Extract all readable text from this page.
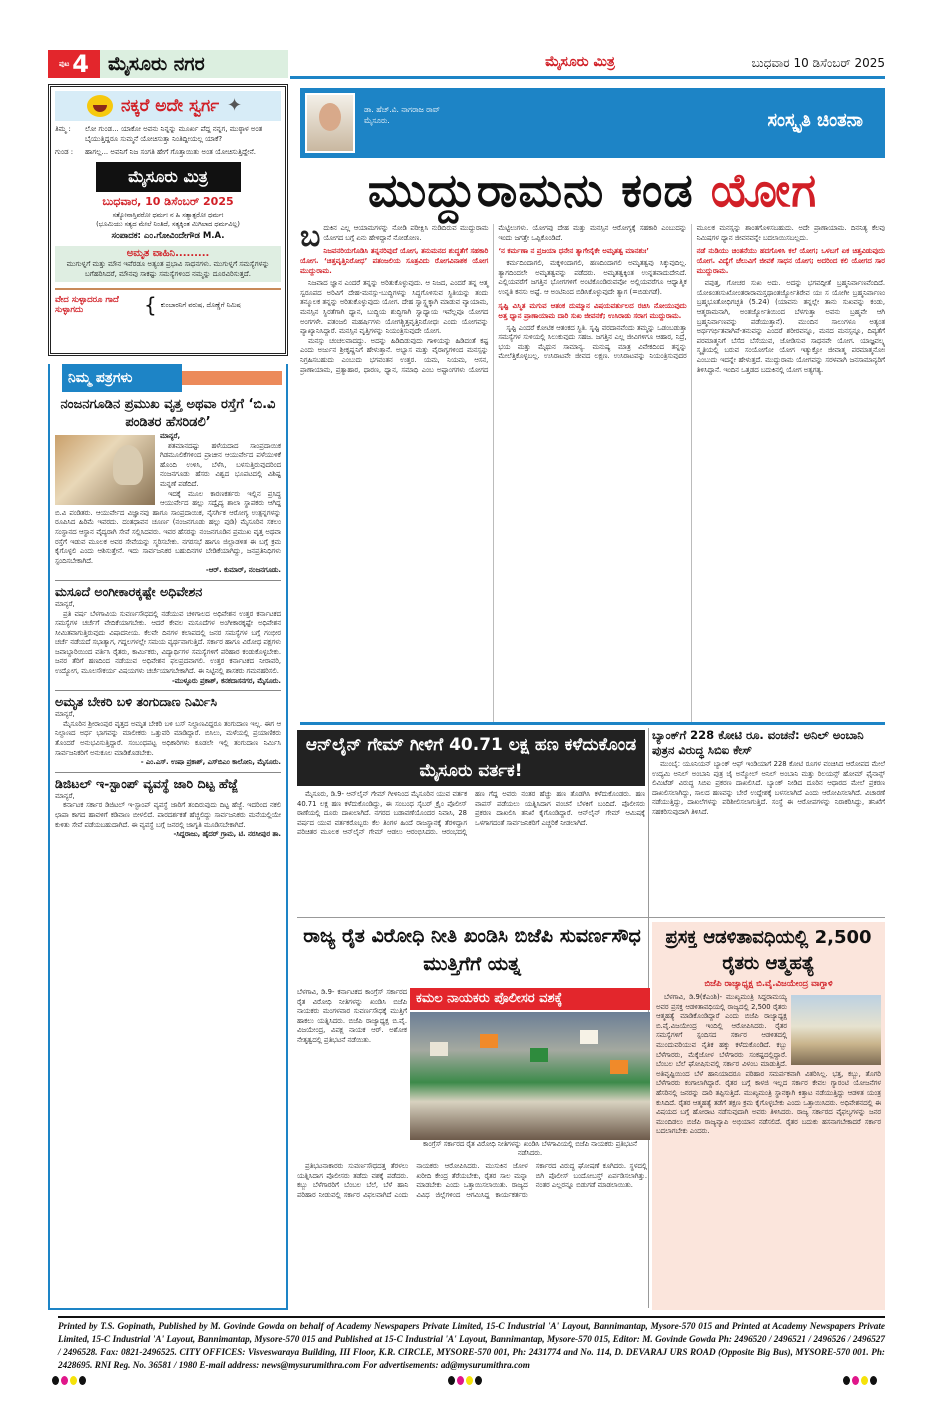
ಪುಟ 4 ಮೈಸೂರು ನಗರ	ಮೈಸೂರು ಮಿತ್ರ	ಬುಧವಾರ 10 ಡಿಸೆಂಬರ್ 2025
ನಕ್ಕರೆ ಅದೇ ಸ್ವರ್ಗ ✦
ತಿಮ್ಮ :	ಲೋ ಗುಂಡ... ಯಾಕೋ ಅವನು ನಿನ್ನನ್ನು ಮೂರ್ಖ ಪೆದ್ದ ನನ್ನಗ, ಮುಠ್ಠಾಳ ಅಂತ ಬೈಯುತ್ತಿದ್ದರೂ ಸುಮ್ಮನೆ ಯೋಚಿಸುತ್ತಾ ನಿಂತಿದ್ದೀಯಲ್ಲ ಯಾಕೆ?
ಗುಂಡ :	ಹಾಗಲ್ಲ... ಅವನಿಗೆ ನಿಜ ಸಂಗತಿ ಹೇಗೆ ಗೊತ್ತಾಯಿತು ಅಂತ ಯೋಚಿಸುತ್ತಿದ್ದೇನೆ.
ಮೈಸೂರು ಮಿತ್ರ
ಬುಧವಾರ, 10 ಡಿಸೆಂಬರ್ 2025
ಸತ್ಯೋನಾಸ್ತಿಪರೋ ಧರ್ಮಃ ನ ಹಿ ಸತ್ಯಾತ್ಪರೋ ಧರ್ಮಃ
(ಭೂಮಿಯು ಸತ್ಯದ ಮೇಲೆ ನಿಂತಿದೆ, ಸತ್ಯಕ್ಕಿಂತ ಮಿಗಿಲಾದ ಧರ್ಮವಿಲ್ಲ)
ಸಂಪಾದಕ: ಎಂ.ಗೋವಿಂದೇಗೌಡ M.A.
ಅಮೃತ ವಾಹಿನಿ.........
ಮುಗುಳ್ನಗೆ ಮತ್ತು ಮೌನ ಇವೆರಡೂ ಅತ್ಯಂತ ಪ್ರಭಾವಿ ಸಾಧನಗಳು. ಮುಗುಳ್ನಗೆ ಸಮಸ್ಯೆಗಳನ್ನು ಬಗೆಹರಿಸಿದರೆ, ಮೌನವು ಸಾಕಷ್ಟು ಸಮಸ್ಯೆಗಳಿಂದ ನಮ್ಮನ್ನು ದೂರವಿರಿಸುತ್ತದೆ.
ವೇದ ಸುಳ್ಳಾದರೂ ಗಾದೆ ಸುಳ್ಳಾಗದು	{ ಕುಂಬಾರನಿಗೆ ವರುಷ, ದೊಣ್ಣೆಗೆ ನಿಮಿಷ
ನಂಜನಗೂಡಿನ ಪ್ರಮುಖ ವೃತ್ತ ಅಥವಾ ರಸ್ತೆಗೆ ‘ಬಿ.ವಿ ಪಂಡಿತರ ಹೆಸರಿಡಲಿ’
ಮಾನ್ಯರೆ,

ಶತಮಾನದಷ್ಟು ಹಳೆಯದಾದ ಸಾಂಪ್ರದಾಯಿಕ ಗಿಡಮೂಲಿಕೆಗಳಿಂದ ಪ್ರಾಚೀನ ಆಯುರ್ವೇದ ಪಳೆಯುಳಿಕೆ ಹೊಂದಿ ಉಳಿಸಿ, ಬೆಳೆಸಿ, ಬಳಸುತ್ತಿರುವುದರಿಂದ ನಂಜನಗೂಡು ಹೆಸರು ವಿಶ್ವದ ಭೂಪಟದಲ್ಲಿ ವಿಶಿಷ್ಟ ಮನ್ನಣೆ ಪಡೆದಿದೆ.

ಇದಕ್ಕೆ ಮೂಲ ಕಾರಣಕರ್ತರು ಇಲ್ಲಿನ ಪ್ರಸಿದ್ಧ ಆಯುರ್ವೇದ ಹಲ್ಲು ಸದ್ವೈದ್ಯ ಶಾಲಾ ಸ್ಥಾಪಕರು ಆಗಿದ್ದ ಬಿ.ವಿ ಪಂಡಿತರು. ಆಯುರ್ವೇದ ವಿಜ್ಞಾನವು ಹಾಗೂ ಸಾಂಪ್ರದಾಯಿಕ, ನೈಸರ್ಗಿಕ ಆರೋಗ್ಯ ಉತ್ಪನ್ನಗಳನ್ನು ರೂಪಿಸಿದ ಹಿರಿಮೆ ಇವರದು. ದಂತಧಾವನ ಚೂರ್ಣ (ನಂಜನಗೂಡು ಹಲ್ಲು ಪುಡಿ) ಮೈಸೂರಿನ ಸಕಲಂ ಸಂಸ್ಥಾನದ ಆಸ್ಥಾನ ವೈದ್ಯರಾಗಿ ಸೇವೆ ಸಲ್ಲಿಸಿದವರು. ಇವರ ಹೆಸರನ್ನು ನಂಜನಗೂಡಿನ ಪ್ರಮುಖ ವೃತ್ತ ಅಥವಾ ರಸ್ತೆಗೆ ಇಡುವ ಮೂಲಕ ಅವರ ಸೇವೆಯನ್ನು ಸ್ಮರಿಸಬೇಕು. ನಗರಸಭೆ ಹಾಗೂ ಜಿಲ್ಲಾಡಳಿತ ಈ ಬಗ್ಗೆ ಕ್ರಮ ಕೈಗೊಳ್ಳಲಿ ಎಂದು ಆಶಿಸುತ್ತೇನೆ. ಇದು ಸಾರ್ವಜನಿಕರ ಬಹುದಿನಗಳ ಬೇಡಿಕೆಯಾಗಿದ್ದು, ಜನಪ್ರತಿನಿಧಿಗಳು ಸ್ಪಂದಿಸಬೇಕಾಗಿದೆ.

-ಆರ್. ಕುಮಾರ್, ನಂಜನಗೂಡು.
ಮಸೂದೆ ಅಂಗೀಕಾರಕ್ಕಷ್ಟೇ ಅಧಿವೇಶನ
ಮಾನ್ಯರೆ,

ಪ್ರತಿ ವರ್ಷ ಬೆಳಗಾವಿಯ ಸುವರ್ಣಸೌಧದಲ್ಲಿ ನಡೆಯುವ ಚಳಿಗಾಲದ ಅಧಿವೇಶನ ಉತ್ತರ ಕರ್ನಾಟಕದ ಸಮಸ್ಯೆಗಳ ಚರ್ಚೆಗೆ ವೇದಿಕೆಯಾಗಬೇಕು. ಆದರೆ ಕೇವಲ ಮಸೂದೆಗಳ ಅಂಗೀಕಾರಕ್ಕಷ್ಟೇ ಅಧಿವೇಶನ ಸೀಮಿತವಾಗುತ್ತಿರುವುದು ವಿಷಾದನೀಯ. ಕೆಲವೇ ದಿನಗಳ ಕಲಾಪದಲ್ಲಿ ಜನರ ಸಮಸ್ಯೆಗಳ ಬಗ್ಗೆ ಗಂಭೀರ ಚರ್ಚೆ ನಡೆಯದೆ ಸಭಾತ್ಯಾಗ, ಗದ್ದಲಗಳಲ್ಲೇ ಸಮಯ ವ್ಯರ್ಥವಾಗುತ್ತಿದೆ. ಸರ್ಕಾರ ಹಾಗೂ ವಿರೋಧ ಪಕ್ಷಗಳು ಜವಾಬ್ದಾರಿಯಿಂದ ವರ್ತಿಸಿ ರೈತರು, ಕಾರ್ಮಿಕರು, ವಿದ್ಯಾರ್ಥಿಗಳ ಸಮಸ್ಯೆಗಳಿಗೆ ಪರಿಹಾರ ಕಂಡುಕೊಳ್ಳಬೇಕು. ಜನರ ತೆರಿಗೆ ಹಣದಿಂದ ನಡೆಯುವ ಅಧಿವೇಶನ ಫಲಪ್ರದವಾಗಲಿ. ಉತ್ತರ ಕರ್ನಾಟಕದ ನೀರಾವರಿ, ಉದ್ಯೋಗ, ಮೂಲಸೌಕರ್ಯ ವಿಷಯಗಳು ಚರ್ಚೆಯಾಗಬೇಕಾಗಿದೆ. ಈ ನಿಟ್ಟಿನಲ್ಲಿ ಶಾಸಕರು ಗಮನಹರಿಸಲಿ.

-ಮುಳ್ಳೂರು ಪ್ರಕಾಶ್, ಕನಕದಾಸನಗರ, ಮೈಸೂರು.
ಅಮೃತ ಬೇಕರಿ ಬಳಿ ತಂಗುದಾಣ ನಿರ್ಮಿಸಿ
ಮಾನ್ಯರೆ,

ಮೈಸೂರಿನ ಶ್ರೀರಾಂಪುರ ವೃತ್ತದ ಅಮೃತ ಬೇಕರಿ ಬಳಿ ಬಸ್ ನಿಲ್ದಾಣವಿದ್ದರೂ ತಂಗುದಾಣ ಇಲ್ಲ. ಈಗ ಆ ನಿಲ್ದಾಣದ ಅರ್ಧ ಭಾಗವನ್ನು ಮಾಲೀಕರು ಒತ್ತುವರಿ ಮಾಡಿದ್ದಾರೆ. ಬಿಸಿಲು, ಮಳೆಯಲ್ಲಿ ಪ್ರಯಾಣಿಕರು ತೊಂದರೆ ಅನುಭವಿಸುತ್ತಿದ್ದಾರೆ. ಸಂಬಂಧಪಟ್ಟ ಅಧಿಕಾರಿಗಳು ಕೂಡಲೇ ಇಲ್ಲಿ ತಂಗುದಾಣ ನಿರ್ಮಿಸಿ ಸಾರ್ವಜನಿಕರಿಗೆ ಅನುಕೂಲ ಮಾಡಿಕೊಡಬೇಕು.

- ಎಂ.ಎಸ್. ಉಷಾ ಪ್ರಕಾಶ್, ಎಸ್‌ಬಿಎಂ ಕಾಲೋನಿ, ಮೈಸೂರು.
ಡಿಜಿಟಲ್ ಇ-ಸ್ಟಾಂಪ್ ವ್ಯವಸ್ಥೆ ಜಾರಿ ದಿಟ್ಟ ಹೆಜ್ಜೆ
ಮಾನ್ಯರೆ,

ಕರ್ನಾಟಕ ಸರ್ಕಾರ ಡಿಜಿಟಲ್ ಇ-ಸ್ಟಾಂಪ್ ವ್ಯವಸ್ಥೆ ಜಾರಿಗೆ ತಂದಿರುವುದು ದಿಟ್ಟ ಹೆಜ್ಜೆ. ಇದರಿಂದ ನಕಲಿ ಛಾಪಾ ಕಾಗದ ಹಾವಳಿಗೆ ಕಡಿವಾಣ ಬೀಳಲಿದೆ. ಪಾರದರ್ಶಕತೆ ಹೆಚ್ಚಲಿದ್ದು ಸಾರ್ವಜನಿಕರು ಮನೆಯಲ್ಲಿಯೇ ಕುಳಿತು ಸೇವೆ ಪಡೆಯಬಹುದಾಗಿದೆ. ಈ ವ್ಯವಸ್ಥೆ ಬಗ್ಗೆ ಜನರಲ್ಲಿ ಜಾಗೃತಿ ಮೂಡಿಸಬೇಕಾಗಿದೆ.

-ಸಿದ್ದರಾಜು, ಹೈದರ್ ಗ್ರಾಮ, ಟಿ. ನರಸೀಪುರ ತಾ.
ನಿಮ್ಮ ಪತ್ರಗಳು
ಡಾ. ಹೆಚ್.ವಿ. ನಾಗರಾಜ ರಾವ್
ಮೈಸೂರು.	ಸಂಸ್ಕೃತಿ ಚಿಂತನಾ
ಮುದ್ದುರಾಮನು ಕಂಡ ಯೋಗ
ಬದುಕಿನ ಎಲ್ಲ ಆಯಾಮಗಳನ್ನು ನೋಡಿ ಪರೀಕ್ಷಿಸಿ ನುಡಿದಿರುವ ಮುದ್ದುರಾಮ ಯೋಗದ ಬಗ್ಗೆ ಏನು ಹೇಳಿದ್ದಾನೆ ನೋಡೋಣ.
ನಿಜವನರಿಯಗೊಡಿಸಿ ತನ್ನನರಿವುದೆ ಯೋಗ, ತನುಮನದ ಶುದ್ಧತೆಗೆ ಸಹಕಾರಿ ಯೋಗ. ‘ಚಿತ್ತವೃತ್ತಿನಿರೋಧ’ ಪತಂಜಲಿಯ ಸೂತ್ರವಿದು ರೋಗವಿನಾಶಕ ಯೋಗ ಮುದ್ದುರಾಮ.

ನಿಜವಾದ ಜ್ಞಾನ ಎಂದರೆ ತನ್ನನ್ನು ಅರಿತುಕೊಳ್ಳುವುದು. ಆ ನಿಜದ, ಎಂದರೆ ತನ್ನ ಆತ್ಮ ಸ್ವರೂಪದ ಅರಿವಿಗೆ ದೇಹ-ಮನಸ್ಸು-ಬುದ್ಧಿಗಳನ್ನು ಸಿದ್ಧಗೊಳಿಸುವ ಸ್ಥಿತಿಯನ್ನು ತಂದು ತನ್ಮೂಲಕ ತನ್ನನ್ನು ಅರಿತುಕೊಳ್ಳುವುದು ಯೋಗ. ದೇಹ ಸ್ವಾಸ್ಥ್ಯಕ್ಕಾಗಿ ಮಾಡುವ ವ್ಯಾಯಾಮ, ಮನಸ್ಸಿನ ಸ್ಥಿರತೆಗಾಗಿ ಧ್ಯಾನ, ಬುದ್ಧಿಯ ಶುದ್ಧಿಗಾಗಿ ಸ್ವಾಧ್ಯಾಯ ಇವೆಲ್ಲವೂ ಯೋಗದ ಅಂಗಗಳೇ. ಪತಂಜಲಿ ಮಹರ್ಷಿಗಳು ಯೋಗಶ್ಚಿತ್ತವೃತ್ತಿನಿರೋಧಃ ಎಂದು ಯೋಗವನ್ನು ವ್ಯಾಖ್ಯಾನಿಸಿದ್ದಾರೆ. ಮನಸ್ಸಿನ ವೃತ್ತಿಗಳನ್ನು ನಿಯಂತ್ರಿಸುವುದೇ ಯೋಗ.

ಮನಸ್ಸು ಚಂಚಲವಾದದ್ದು. ಅದನ್ನು ಹಿಡಿದಿಡುವುದು ಗಾಳಿಯನ್ನು ಹಿಡಿದಂತೆ ಕಷ್ಟ ಎಂದು ಅರ್ಜುನ ಶ್ರೀಕೃಷ್ಣನಿಗೆ ಹೇಳುತ್ತಾನೆ. ಅಭ್ಯಾಸ ಮತ್ತು ವೈರಾಗ್ಯಗಳಿಂದ ಮನಸ್ಸನ್ನು ನಿಗ್ರಹಿಸಬಹುದು ಎಂಬುದು ಭಗವಂತನ ಉತ್ತರ. ಯಮ, ನಿಯಮ, ಆಸನ, ಪ್ರಾಣಾಯಾಮ, ಪ್ರತ್ಯಾಹಾರ, ಧಾರಣ, ಧ್ಯಾನ, ಸಮಾಧಿ ಎಂಬ ಅಷ್ಟಾಂಗಗಳು ಯೋಗದ ಮೆಟ್ಟಿಲುಗಳು. ಯೋಗವು ದೇಹ ಮತ್ತು ಮನಸ್ಸಿನ ಆರೋಗ್ಯಕ್ಕೆ ಸಹಕಾರಿ ಎಂಬುದನ್ನು ಇಂದು ಜಗತ್ತೇ ಒಪ್ಪಿಕೊಂಡಿದೆ.

‘ನ ಕರ್ಮಣಾ ನ ಪ್ರಜಯಾ ಧನೇನ ತ್ಯಾಗೇನೈಕೇ ಅಮೃತತ್ವ ಮಾನಶುಃ’

ಕರ್ಮದಿಂದಾಗಲಿ, ಮಕ್ಕಳಿಂದಾಗಲಿ, ಹಣದಿಂದಾಗಲಿ ಅಮೃತತ್ವವು ಸಿಕ್ಕುವುದಿಲ್ಲ. ತ್ಯಾಗದಿಂದಲೇ ಅಮೃತತ್ವವನ್ನು ಪಡೆದರು. ಅಮೃತತ್ವಕ್ಕಿಂತ ಉನ್ನತವಾದುದೇನಿದೆ. ಎಲ್ಲಿಯವರೆಗೆ ಜಗತ್ತಿನ ಭೋಗಗಳಿಗೆ ಅಂಟಿಕೊಂಡಿರುವವೋ ಅಲ್ಲಿಯವರೆಗೂ ಆಧ್ಯಾತ್ಮಿಕ ಉನ್ನತಿ ಕನಸು ಅಷ್ಟೆ. ಆ ಅಂಟಿನಿಂದ ಬಿಡಿಸಿಕೊಳ್ಳುವುದೇ ತ್ಯಾಗ (=ಬಿಡುಗಡೆ).

ಸೃಷ್ಟಿ ವಿಸ್ಮಿತ ಮಗುವ ಆತಂಕ ದುಮ್ಮಾನ ವಿಷಯವರ್ತುಲದ ರಚಿಸಿ ನೋಯುವುದು ಅತ್ತ ಧ್ಯಾನ ಪ್ರಾಣಾಯಾಮ ದಾರಿ ಸುಖ ಜೀವನಕೆ; ಉಸಿರಾಡು ಸರಾಗ ಮುದ್ದುರಾಮ.

ಸೃಷ್ಟಿ ಎಂದರೆ ಕೋಟಿಕ ಆತಂಕದ ಸ್ಥಿತಿ. ಸೃಷ್ಟಿ ವರದಾನವೆಂದು ತಮ್ಮನ್ನು ಒಡಂಬಡುತ್ತಾ ಸಮಸ್ಯೆಗಳ ಸುಳಿಯಲ್ಲಿ ಸಿಲುಕುವುದು ಸಹಜ. ಜಗತ್ತಿನ ಎಲ್ಲ ಜೀವಿಗಳಿಗೂ ಆಹಾರ, ನಿದ್ರೆ, ಭಯ ಮತ್ತು ಮೈಥುನ ಸಾಮಾನ್ಯ. ಮನುಷ್ಯ ಮಾತ್ರ ವಿವೇಕದಿಂದ ತನ್ನನ್ನು ಮೇಲೆತ್ತಿಕೊಳ್ಳಬಲ್ಲ. ಉಸಿರಾಟವೇ ಜೀವದ ಲಕ್ಷಣ. ಉಸಿರಾಟವನ್ನು ನಿಯಂತ್ರಿಸುವುದರ ಮೂಲಕ ಮನಸ್ಸನ್ನು ಶಾಂತಗೊಳಿಸಬಹುದು. ಅದೇ ಪ್ರಾಣಾಯಾಮ. ದಿನನಿತ್ಯ ಕೆಲವು ನಿಮಿಷಗಳ ಧ್ಯಾನ ಜೀವನವನ್ನೇ ಬದಲಾಯಿಸಬಲ್ಲದು.

ನಡೆ ನುಡಿಯು ಚಿಂತನೆಯು ಹದಗೊಳಿಸಿ ಕಲೆ ಯೋಗ; ಒಳಬಗೆ ಏಕ ಚಿತ್ತವಿಡುವುದು ಯೋಗ. ವಿದ್ಯೆಗೆ ಚೆಲುವಿಗೆ ಜೀವಕೆ ಸಾಧನ ಯೋಗ; ಅದರಿಂದ ಕಲಿ ಯೋಗದ ಸಾರ ಮುದ್ದುರಾಮ.

ವಪುತ್ತ, ಗೋಚರ ಸುಖ ಅದು. ಅದನ್ನು ಭಗವದ್ಗೀತೆ ಬ್ರಹ್ಮನಿರ್ವಾಣವೆಂದಿದೆ. ಯೋಽಂತಃಸುಖೋಂತರಾರಾಮಸ್ತಥಾಂತರ್ಜ್ಯೋತಿರೇವ ಯಃ ಸ ಯೋಗೀ ಬ್ರಹ್ಮನಿರ್ವಾಣಂ ಬ್ರಹ್ಮಭೂತೋಧಿಗಚ್ಛತಿ (5.24) (ಯಾವನು ತನ್ನಲ್ಲೇ ತಾನು ಸುಖವನ್ನು ಕಂಡು, ಆತ್ಮರಾಮನಾಗಿ, ಅಂತರ್ಜ್ಯೋತಿಯಿಂದ ಬೆಳಗುತ್ತಾ ಅವನು ಬ್ರಹ್ಮವೇ ಆಗಿ ಬ್ರಹ್ಮನಿರ್ವಾಣವನ್ನು ಪಡೆಯುತ್ತಾನೆ). ಮುಂದಿನ ಸಾಲುಗಳೂ ಅತ್ಯಂತ ಅರ್ಥಗರ್ಭಿತವಾಗಿವೆ-ತನುವನ್ನು ಎಂದರೆ ಶರೀರವನ್ನೂ, ಮನದ ಮನಸ್ಸನ್ನೂ, ದಿವ್ಯತೆಗೆ ಪರಮಾತ್ಮನಿಗೆ ಬೆಸೆದ ಬೆಸೆಯುವ, ಜೋಡಿಸುವ ಸಾಧನವೇ ಯೋಗ. ಯಾಜ್ಞವಲ್ಕ್ಯ ಸ್ಮೃತಿಯಲ್ಲಿ ಬರುವ ಸಂಯೋಗೋ ಯೋಗ ಇತ್ಯುಕ್ತೋ ಜೀವಾತ್ಮ ಪರಮಾತ್ಮನೋಃ ಎಂಬುದು ಇದನ್ನೇ ಹೇಳುತ್ತದೆ. ಮುದ್ದುರಾಮ ಯೋಗವನ್ನು ಸರಳವಾಗಿ ಜನಸಾಮಾನ್ಯರಿಗೆ ತಿಳಿಸಿದ್ದಾನೆ. ಇಂದಿನ ಒತ್ತಡದ ಬದುಕಿನಲ್ಲಿ ಯೋಗ ಅತ್ಯಗತ್ಯ.

ಆನ್‌ಲೈನ್ ಗೇಮ್ ಗೀಳಿಗೆ 40.71 ಲಕ್ಷ ಹಣ ಕಳೆದುಕೊಂಡ ಮೈಸೂರು ವರ್ತಕ!

ಮೈಸೂರು, ಡಿ.9- ಆನ್‌ಲೈನ್ ಗೇಮ್ ಗೀಳಿನಿಂದ ಮೈಸೂರಿನ ಯುವ ವರ್ತಕ 40.71 ಲಕ್ಷ ಹಣ ಕಳೆದುಕೊಂಡಿದ್ದು, ಈ ಸಂಬಂಧ ಸೈಬರ್ ಕ್ರೈಂ ಪೊಲೀಸ್ ಠಾಣೆಯಲ್ಲಿ ದೂರು ದಾಖಲಾಗಿದೆ. ನಗರದ ಬಡಾವಣೆಯೊಂದರ ನಿವಾಸಿ, 28 ವರ್ಷದ ಯುವ ವರ್ತಕರೊಬ್ಬರು ಕೆಲ ತಿಂಗಳ ಹಿಂದೆ ರಾಜಸ್ಥಾನಕ್ಕೆ ತೆರಳಿದ್ದಾಗ ಪರಿಚಿತರ ಮೂಲಕ ಆನ್‌ಲೈನ್ ಗೇಮ್ ಆಡಲು ಆರಂಭಿಸಿದರು. ಆರಂಭದಲ್ಲಿ ಹಣ ಗೆದ್ದ ಅವರು ನಂತರ ಹೆಚ್ಚು ಹಣ ತೊಡಗಿಸಿ ಕಳೆದುಕೊಂಡರು. ಹಣ ವಾಪಸ್ ಪಡೆಯಲು ಯತ್ನಿಸಿದಾಗ ವಂಚನೆ ಬೆಳಕಿಗೆ ಬಂದಿದೆ. ಪೊಲೀಸರು ಪ್ರಕರಣ ದಾಖಲಿಸಿ ತನಿಖೆ ಕೈಗೊಂಡಿದ್ದಾರೆ. ಆನ್‌ಲೈನ್ ಗೇಮ್ ಆಮಿಷಕ್ಕೆ ಒಳಗಾಗದಂತೆ ಸಾರ್ವಜನಿಕರಿಗೆ ಎಚ್ಚರಿಕೆ ನೀಡಲಾಗಿದೆ.

ಬ್ಯಾಂಕ್‌ಗೆ 228 ಕೋಟಿ ರೂ. ವಂಚನೆ: ಅನಿಲ್ ಅಂಬಾನಿ ಪುತ್ರನ ವಿರುದ್ಧ ಸಿಬಿಐ ಕೇಸ್

ಮುಂಬೈ: ಯೂನಿಯನ್ ಬ್ಯಾಂಕ್ ಆಫ್ ಇಂಡಿಯಾಗೆ 228 ಕೋಟಿ ರೂಗಳ ವಂಚಿಸಿದ ಆರೋಪದ ಮೇಲೆ ಉದ್ಯಮಿ ಅನಿಲ್ ಅಂಬಾನಿ ಪುತ್ರ ಜೈ ಅನ್ಮೋಲ್ ಅನಿಲ್ ಅಂಬಾನಿ ಮತ್ತು ರಿಲಯನ್ಸ್ ಹೋಮ್ ಫೈನಾನ್ಸ್ ಲಿಮಿಟೆಡ್ ವಿರುದ್ಧ ಸಿಬಿಐ ಪ್ರಕರಣ ದಾಖಲಿಸಿದೆ. ಬ್ಯಾಂಕ್ ನೀಡಿದ ದೂರಿನ ಆಧಾರದ ಮೇಲೆ ಪ್ರಕರಣ ದಾಖಲಿಸಲಾಗಿದ್ದು, ಸಾಲದ ಹಣವನ್ನು ಬೇರೆ ಉದ್ದೇಶಕ್ಕೆ ಬಳಸಲಾಗಿದೆ ಎಂದು ಆರೋಪಿಸಲಾಗಿದೆ. ವಿಚಾರಣೆ ನಡೆಯುತ್ತಿದ್ದು, ದಾಖಲೆಗಳನ್ನು ಪರಿಶೀಲಿಸಲಾಗುತ್ತಿದೆ. ಸಂಸ್ಥೆ ಈ ಆರೋಪಗಳನ್ನು ನಿರಾಕರಿಸಿದ್ದು, ತನಿಖೆಗೆ ಸಹಕರಿಸುವುದಾಗಿ ತಿಳಿಸಿದೆ.

ರಾಜ್ಯ ರೈತ ವಿರೋಧಿ ನೀತಿ ಖಂಡಿಸಿ ಬಿಜೆಪಿ ಸುವರ್ಣಸೌಧ ಮುತ್ತಿಗೆಗೆ ಯತ್ನ
ಬೆಳಗಾವಿ, ಡಿ.9- ಕರ್ನಾಟಕದ ಕಾಂಗ್ರೆಸ್ ಸರ್ಕಾರದ ರೈತ ವಿರೋಧಿ ನೀತಿಗಳನ್ನು ಖಂಡಿಸಿ ಬಿಜೆಪಿ ನಾಯಕರು ಮಂಗಳವಾರ ಸುವರ್ಣಸೌಧಕ್ಕೆ ಮುತ್ತಿಗೆ ಹಾಕಲು ಯತ್ನಿಸಿದರು. ಬಿಜೆಪಿ ರಾಜ್ಯಾಧ್ಯಕ್ಷ ಬಿ.ವೈ. ವಿಜಯೇಂದ್ರ, ವಿಪಕ್ಷ ನಾಯಕ ಆರ್. ಅಶೋಕ ನೇತೃತ್ವದಲ್ಲಿ ಪ್ರತಿಭಟನೆ ನಡೆಯಿತು.
ಕಮಲ ನಾಯಕರು ಪೊಲೀಸರ ವಶಕ್ಕೆ
ಕಾಂಗ್ರೆಸ್ ಸರ್ಕಾರದ ರೈತ ವಿರೋಧಿ ನೀತಿಗಳನ್ನು ಖಂಡಿಸಿ ಬೆಳಗಾವಿಯಲ್ಲಿ ಬಿಜೆಪಿ ನಾಯಕರು ಪ್ರತಿಭಟನೆ ನಡೆಸಿದರು.

ಪ್ರತಿಭಟನಾಕಾರರು ಸುವರ್ಣಸೌಧದತ್ತ ತೆರಳಲು ಯತ್ನಿಸಿದಾಗ ಪೊಲೀಸರು ತಡೆದು ವಶಕ್ಕೆ ಪಡೆದರು. ಕಬ್ಬು ಬೆಳೆಗಾರರಿಗೆ ಬೆಂಬಲ ಬೆಲೆ, ಬೆಳೆ ಹಾನಿ ಪರಿಹಾರ ನೀಡುವಲ್ಲಿ ಸರ್ಕಾರ ವಿಫಲವಾಗಿದೆ ಎಂದು ನಾಯಕರು ಆರೋಪಿಸಿದರು. ಮುಸುಕಿನ ಜೋಳ ಖರೀದಿ ಕೇಂದ್ರ ತೆರೆಯಬೇಕು, ರೈತರ ಸಾಲ ಮನ್ನಾ ಮಾಡಬೇಕು ಎಂದು ಒತ್ತಾಯಿಸಲಾಯಿತು. ರಾಜ್ಯದ ವಿವಿಧ ಜಿಲ್ಲೆಗಳಿಂದ ಆಗಮಿಸಿದ್ದ ಕಾರ್ಯಕರ್ತರು ಸರ್ಕಾರದ ವಿರುದ್ಧ ಘೋಷಣೆ ಕೂಗಿದರು. ಸ್ಥಳದಲ್ಲಿ ಬಿಗಿ ಪೊಲೀಸ್ ಬಂದೋಬಸ್ತ್ ಏರ್ಪಡಿಸಲಾಗಿತ್ತು. ನಂತರ ಎಲ್ಲರನ್ನೂ ಬಿಡುಗಡೆ ಮಾಡಲಾಯಿತು.

ಪ್ರಸಕ್ತ ಆಡಳಿತಾವಧಿಯಲ್ಲಿ 2,500 ರೈತರು ಆತ್ಮಹತ್ಯೆ
ಬಿಜೆಪಿ ರಾಜ್ಯಾಧ್ಯಕ್ಷ ಬಿ.ವೈ.ವಿಜಯೇಂದ್ರ ವಾಗ್ದಾಳಿ

ಬೆಳಗಾವಿ, ಡಿ.9(ಕೆಎಂಶಿ)- ಮುಖ್ಯಮಂತ್ರಿ ಸಿದ್ದರಾಮಯ್ಯ ಅವರ ಪ್ರಸಕ್ತ ಆಡಳಿತಾವಧಿಯಲ್ಲಿ ರಾಜ್ಯದಲ್ಲಿ 2,500 ರೈತರು ಆತ್ಮಹತ್ಯೆ ಮಾಡಿಕೊಂಡಿದ್ದಾರೆ ಎಂದು ಬಿಜೆಪಿ ರಾಜ್ಯಾಧ್ಯಕ್ಷ ಬಿ.ವೈ.ವಿಜಯೇಂದ್ರ ಇಂದಿಲ್ಲಿ ಆರೋಪಿಸಿದರು. ರೈತರ ಸಮಸ್ಯೆಗಳಿಗೆ ಸ್ಪಂದಿಸದ ಸರ್ಕಾರ ಆಡಳಿತದಲ್ಲಿ ಮುಂದುವರಿಯುವ ನೈತಿಕ ಹಕ್ಕು ಕಳೆದುಕೊಂಡಿದೆ. ಕಬ್ಬು ಬೆಳೆಗಾರರು, ಮೆಕ್ಕೆಜೋಳ ಬೆಳೆಗಾರರು ಸಂಕಷ್ಟದಲ್ಲಿದ್ದಾರೆ. ಬೆಂಬಲ ಬೆಲೆ ಘೋಷಿಸುವಲ್ಲಿ ಸರ್ಕಾರ ವಿಳಂಬ ಮಾಡುತ್ತಿದೆ. ಅತಿವೃಷ್ಟಿಯಿಂದ ಬೆಳೆ ಹಾನಿಯಾದರೂ ಪರಿಹಾರ ಸಮರ್ಪಕವಾಗಿ ವಿತರಿಸಿಲ್ಲ. ಭತ್ತ, ಕಬ್ಬು, ತೊಗರಿ ಬೆಳೆಗಾರರು ಕಂಗಾಲಾಗಿದ್ದಾರೆ. ರೈತರ ಬಗ್ಗೆ ಕಾಳಜಿ ಇಲ್ಲದ ಸರ್ಕಾರ ಕೇವಲ ಗ್ಯಾರಂಟಿ ಯೋಜನೆಗಳ ಹೆಸರಿನಲ್ಲಿ ಜನರನ್ನು ದಾರಿ ತಪ್ಪಿಸುತ್ತಿದೆ. ಮುಖ್ಯಮಂತ್ರಿ ಸ್ಥಾನಕ್ಕಾಗಿ ಕಿತ್ತಾಟ ನಡೆಯುತ್ತಿದ್ದು ಆಡಳಿತ ಯಂತ್ರ ಕುಸಿದಿದೆ. ರೈತರ ಆತ್ಮಹತ್ಯೆ ತಡೆಗೆ ತಕ್ಷಣ ಕ್ರಮ ಕೈಗೊಳ್ಳಬೇಕು ಎಂದು ಒತ್ತಾಯಿಸಿದರು. ಅಧಿವೇಶನದಲ್ಲಿ ಈ ವಿಷಯದ ಬಗ್ಗೆ ಹೋರಾಟ ನಡೆಸುವುದಾಗಿ ಅವರು ತಿಳಿಸಿದರು. ರಾಜ್ಯ ಸರ್ಕಾರದ ವೈಫಲ್ಯಗಳನ್ನು ಜನರ ಮುಂದಿಡಲು ಬಿಜೆಪಿ ರಾಜ್ಯವ್ಯಾಪಿ ಅಭಿಯಾನ ನಡೆಸಲಿದೆ. ರೈತರ ಬದುಕು ಹಸನಾಗಬೇಕಾದರೆ ಸರ್ಕಾರ ಬದಲಾಗಬೇಕು ಎಂದರು.

Printed by T.S. Gopinath, Published by M. Govinde Gowda on behalf of Academy Newspapers Private Limited, 15-C Industrial 'A' Layout, Bannimantap, Mysore-570 015 and Printed at Academy Newspapers Private Limited, 15-C Industrial 'A' Layout, Bannimantap, Mysore-570 015 and Published at 15-C Industrial 'A' Layout, Bannimantap, Mysore-570 015, Editor: M. Govinde Gowda Ph: 2496520 / 2496521 / 2496526 / 2496527 / 2496528. Fax: 0821-2496525. CITY OFFICES: Visveswaraya Building, III Floor, K.R. CIRCLE, MYSORE-570 001, Ph: 2431774 and No. 114, D. DEVARAJ URS ROAD (Opposite Big Bus), MYSORE-570 001. Ph: 2428695. RNI Reg. No. 36581 / 1980 E-mail address: news@mysurumithra.com For advertisements: ad@mysurumithra.com
